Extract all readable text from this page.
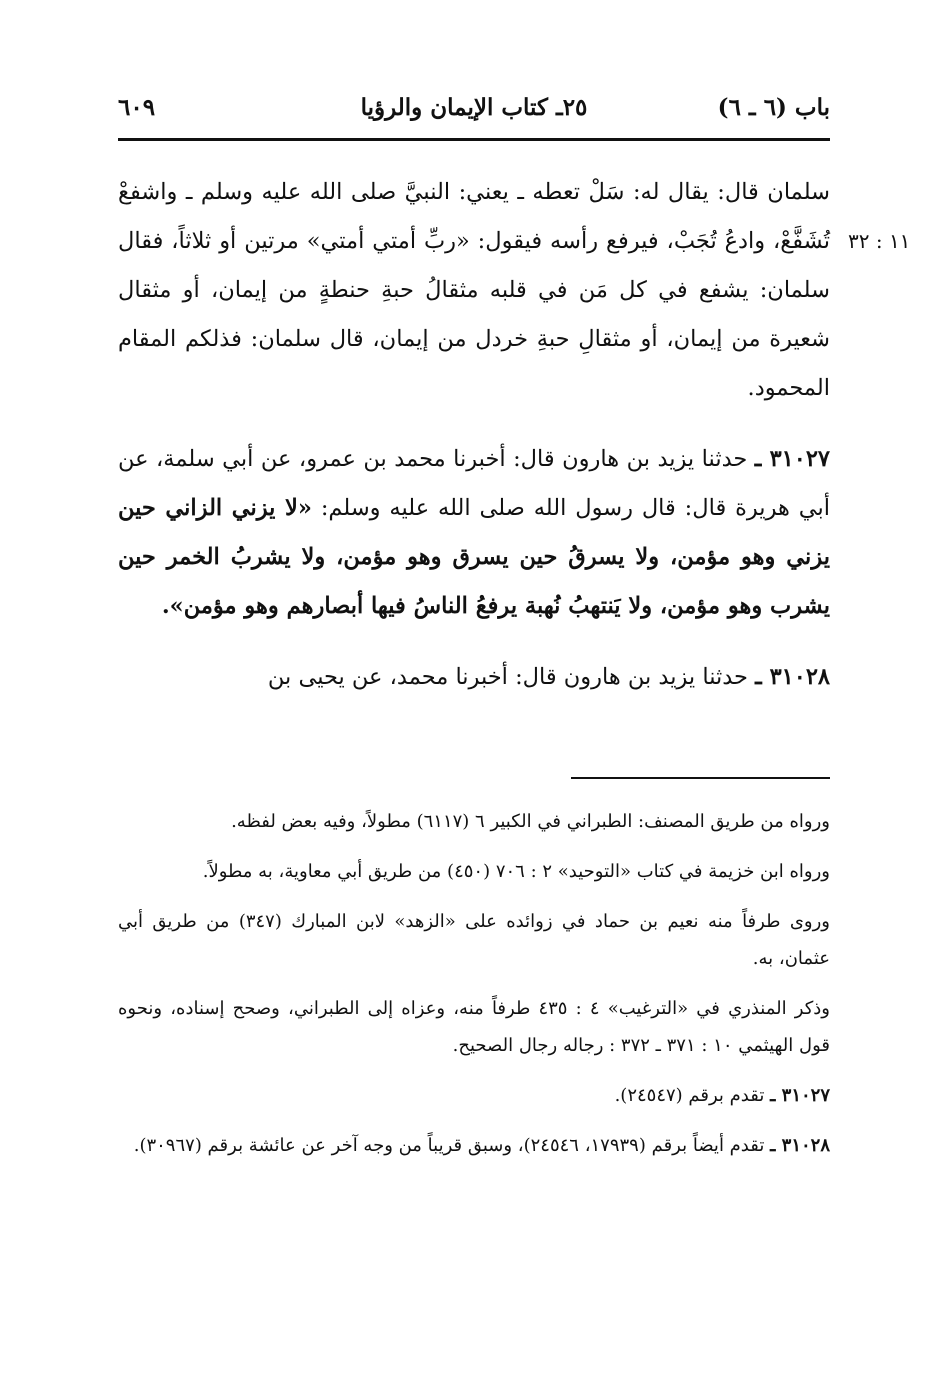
باب (٦ ـ ٦)
٢٥ـ كتاب الإيمان والرؤيا
٦٠٩
١١ : ٣٢

سلمان قال: يقال له: سَلْ تعطه ـ يعني: النبيَّ صلى الله عليه وسلم ـ واشفعْ تُشَفَّعْ، وادعُ تُجَبْ، فيرفع رأسه فيقول: «ربِّ أمتي أمتي» مرتين أو ثلاثاً، فقال سلمان: يشفع في كل مَن في قلبه مثقالُ حبةِ حنطةٍ من إيمان، أو مثقال شعيرة من إيمان، أو مثقالِ حبةِ خردل من إيمان، قال سلمان: فذلكم المقام المحمود.

٣١٠٢٧ ـ حدثنا يزيد بن هارون قال: أخبرنا محمد بن عمرو، عن أبي سلمة، عن أبي هريرة قال: قال رسول الله صلى الله عليه وسلم: «لا يزني الزاني حين يزني وهو مؤمن، ولا يسرقُ حين يسرق وهو مؤمن، ولا يشربُ الخمر حين يشرب وهو مؤمن، ولا يَنتهبُ نُهبة يرفعُ الناسُ فيها أبصارهم وهو مؤمن».

٣١٠٢٨ ـ حدثنا يزيد بن هارون قال: أخبرنا محمد، عن يحيى بن

ورواه من طريق المصنف: الطبراني في الكبير ٦ (٦١١٧) مطولاً، وفيه بعض لفظه.

ورواه ابن خزيمة في كتاب «التوحيد» ٢ : ٧٠٦ (٤٥٠) من طريق أبي معاوية، به مطولاً.

وروى طرفاً منه نعيم بن حماد في زوائده على «الزهد» لابن المبارك (٣٤٧) من طريق أبي عثمان، به.

وذكر المنذري في «الترغيب» ٤ : ٤٣٥ طرفاً منه، وعزاه إلى الطبراني، وصحح إسناده، ونحوه قول الهيثمي ١٠ : ٣٧١ ـ ٣٧٢ : رجاله رجال الصحيح.

٣١٠٢٧ ـ تقدم برقم (٢٤٥٤٧).

٣١٠٢٨ ـ تقدم أيضاً برقم (١٧٩٣٩، ٢٤٥٤٦)، وسبق قريباً من وجه آخر عن عائشة برقم (٣٠٩٦٧).
